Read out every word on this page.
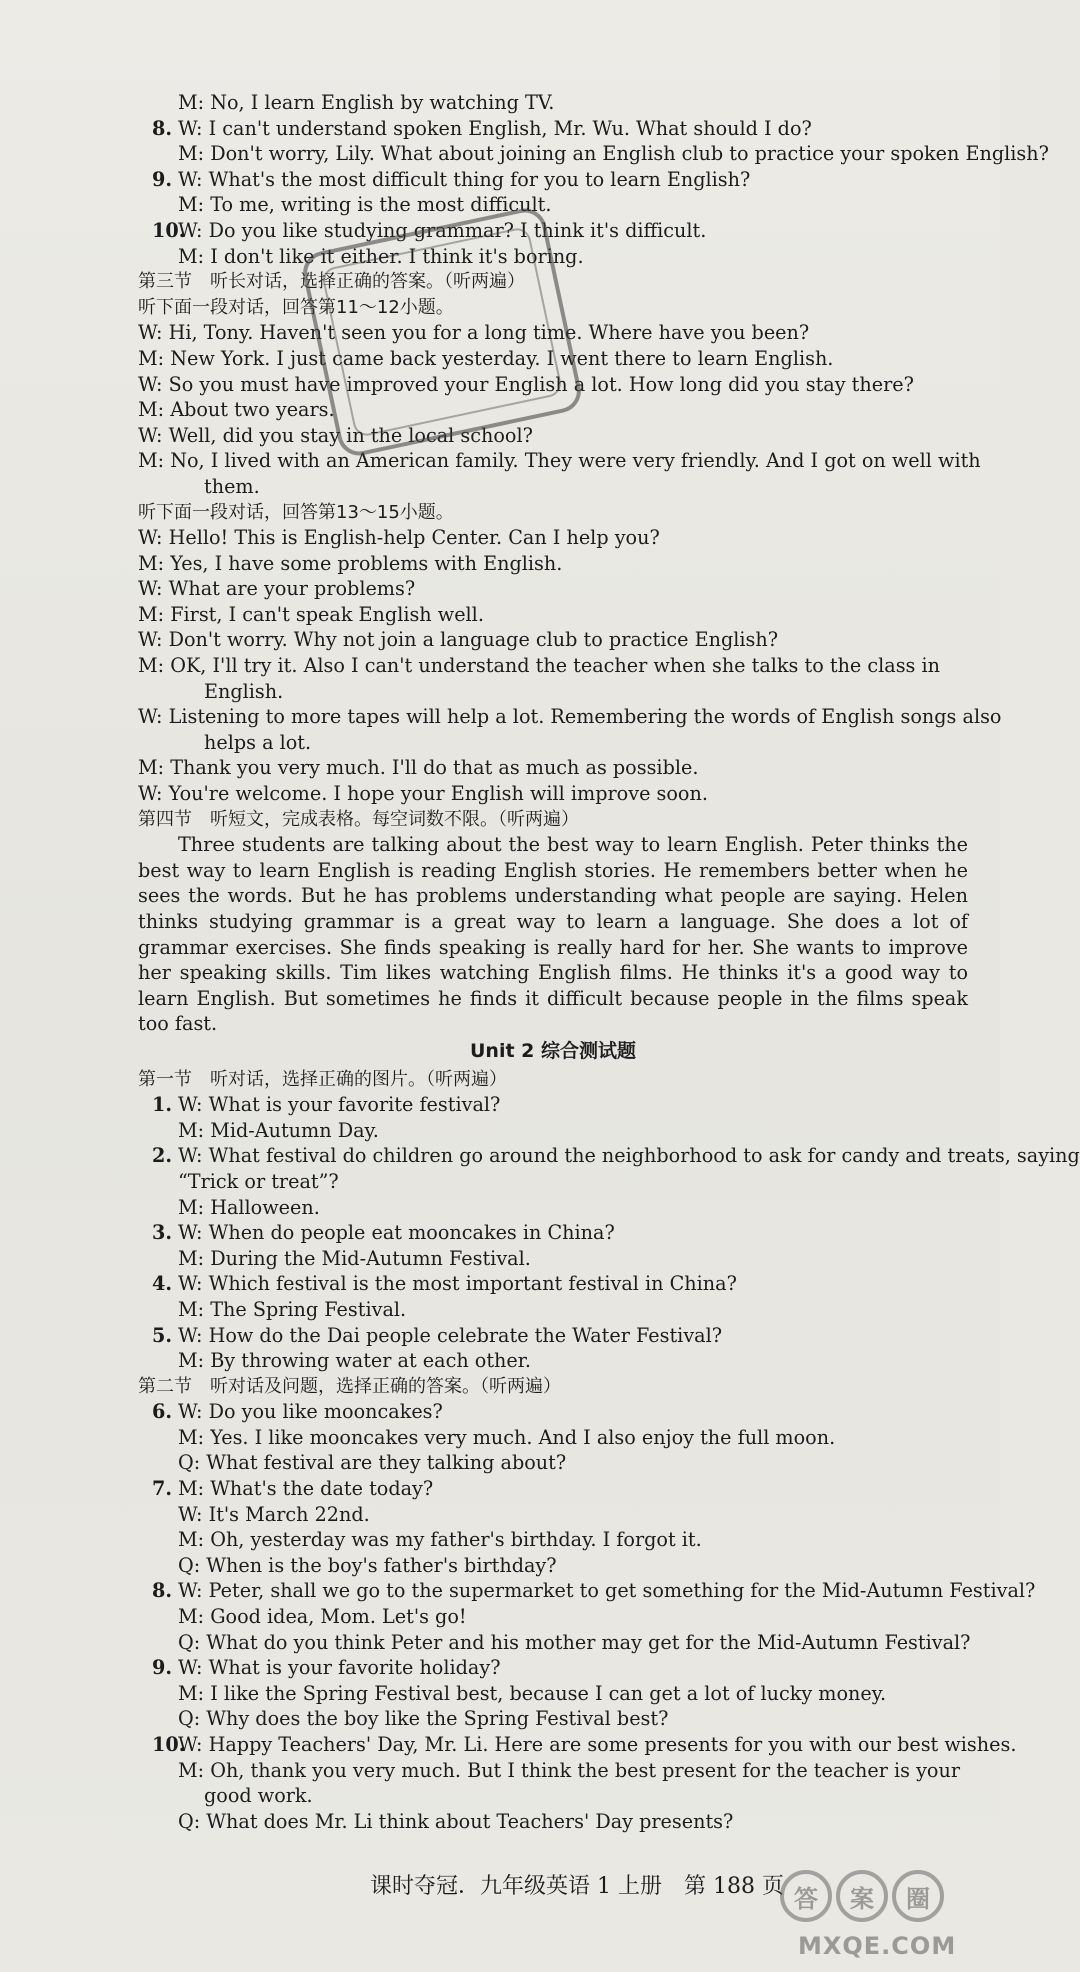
M: No, I learn English by watching TV.
8. W: I can't understand spoken English, Mr. Wu. What should I do?
M: Don't worry, Lily. What about joining an English club to practice your spoken English?
9. W: What's the most difficult thing for you to learn English?
M: To me, writing is the most difficult.
10.W: Do you like studying grammar? I think it's difficult.
M: I don't like it either. I think it's boring.
第三节　听长对话，选择正确的答案。（听两遍）
听下面一段对话，回答第11～12小题。
W: Hi, Tony. Haven't seen you for a long time. Where have you been?
M: New York. I just came back yesterday. I went there to learn English.
W: So you must have improved your English a lot. How long did you stay there?
M: About two years.
W: Well, did you stay in the local school?
M: No, I lived with an American family. They were very friendly. And I got on well with
them.
听下面一段对话，回答第13～15小题。
W: Hello! This is English-help Center. Can I help you?
M: Yes, I have some problems with English.
W: What are your problems?
M: First, I can't speak English well.
W: Don't worry. Why not join a language club to practice English?
M: OK, I'll try it. Also I can't understand the teacher when she talks to the class in
English.
W: Listening to more tapes will help a lot. Remembering the words of English songs also
helps a lot.
M: Thank you very much. I'll do that as much as possible.
W: You're welcome. I hope your English will improve soon.
第四节　听短文，完成表格。每空词数不限。（听两遍）
Three students are talking about the best way to learn English. Peter thinks the best way to learn English is reading English stories. He remembers better when he sees the words. But he has problems understanding what people are saying. Helen thinks studying grammar is a great way to learn a language. She does a lot of grammar exercises. She finds speaking is really hard for her. She wants to improve her speaking skills. Tim likes watching English films. He thinks it's a good way to learn English. But sometimes he finds it difficult because people in the films speak too fast.
Unit 2 综合测试题
第一节　听对话，选择正确的图片。（听两遍）
1. W: What is your favorite festival?
M: Mid-Autumn Day.
2. W: What festival do children go around the neighborhood to ask for candy and treats, saying
“Trick or treat”?
M: Halloween.
3. W: When do people eat mooncakes in China?
M: During the Mid-Autumn Festival.
4. W: Which festival is the most important festival in China?
M: The Spring Festival.
5. W: How do the Dai people celebrate the Water Festival?
M: By throwing water at each other.
第二节　听对话及问题，选择正确的答案。（听两遍）
6. W: Do you like mooncakes?
M: Yes. I like mooncakes very much. And I also enjoy the full moon.
Q: What festival are they talking about?
7. M: What's the date today?
W: It's March 22nd.
M: Oh, yesterday was my father's birthday. I forgot it.
Q: When is the boy's father's birthday?
8. W: Peter, shall we go to the supermarket to get something for the Mid-Autumn Festival?
M: Good idea, Mom. Let's go!
Q: What do you think Peter and his mother may get for the Mid-Autumn Festival?
9. W: What is your favorite holiday?
M: I like the Spring Festival best, because I can get a lot of lucky money.
Q: Why does the boy like the Spring Festival best?
10.W: Happy Teachers' Day, Mr. Li. Here are some presents for you with our best wishes.
M: Oh, thank you very much. But I think the best present for the teacher is your
good work.
Q: What does Mr. Li think about Teachers' Day presents?
课时夺冠．九年级英语 1 上册　第 188 页 答	案	圈
MXQE.COM
